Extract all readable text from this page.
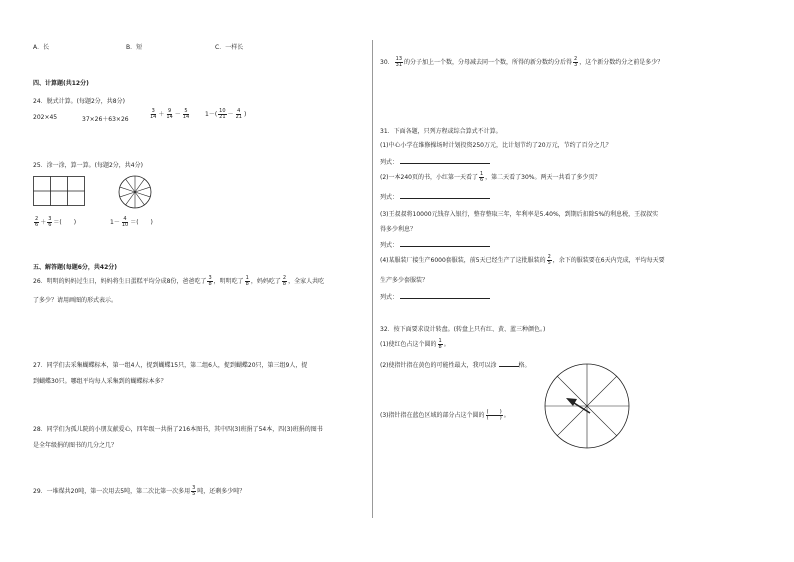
A．长	B．短	C．一样长
四、计算题(共12分)
24．脱式计算。(每题2分，共8分)
202×45	37×26＋63×26	$\frac{3}{14} + \frac{9}{14} - \frac{5}{14} 1-( \frac{10}{21} - \frac{4}{21}$ )
25．涂一涂，算一算。(每题2分，共4分)
$\frac{2}{6} + \frac{3}{6}$ ＝(　　)	$1- \frac{4}{10}$ ＝(　　)
五、解答题(每题6分，共42分)
26．明明的妈妈过生日，妈妈将生日蛋糕平均分成8份，爸爸吃了 $\frac{3}{8}$ ，明明吃了 $\frac{1}{8}$ ，妈妈吃了 $\frac{2}{8}$ ，全家人共吃
了多少？请用画图的形式表示。
27．同学们去采集蝴蝶标本，第一组4人，捉到蝴蝶15只，第二组6人，捉到蝴蝶20只，第三组9人，捉
到蝴蝶30只。哪组平均每人采集到的蝴蝶标本多？
28．同学们为孤儿院的小朋友献爱心，四年级一共捐了216本图书，其中四(3)班捐了54本，四(3)班捐的图书
是全年级捐的图书的几分之几？
29．一堆煤共20吨，第一次用去5吨，第二次比第一次多用 $\frac{3}{5}$ 吨，还剩多少吨？
30． $\frac{13}{31}$ 的分子加上一个数，分母减去同一个数，所得的新分数约分后得 $\frac{2}{3}$ ，这个新分数约分之前是多少？
31．下面各题，只列方程或综合算式不计算。
(1)中心小学在维修操场时计划投资250万元，比计划节约了20万元，节约了百分之几？
列式：
(2)一本240页的书，小红第一天看了 $\frac{1}{6}$ ，第二天看了30%。两天一共看了多少页？
列式：
(3)王叔叔将10000元钱存入银行，整存整取三年，年利率是5.40%，到期后扣除5%的利息税，王叔叔实
得多少利息？
列式：
(4)某服装厂接生产6000套服装，前5天已经生产了这批服装的 $\frac{2}{5}$ ，余下的服装要在6天内完成，平均每天要
生产多少套服装？
列式：
32．按下面要求设计转盘。(转盘上只有红、黄、蓝三种颜色。)
(1)使红色占这个圆的 $\frac{1}{8}$ 。
(2)使指针指在黄色的可能性最大，我可以涂	格。
(3)指针指在蓝色区域的部分占这个圆的 $\frac{( )}{( )}$ 。
